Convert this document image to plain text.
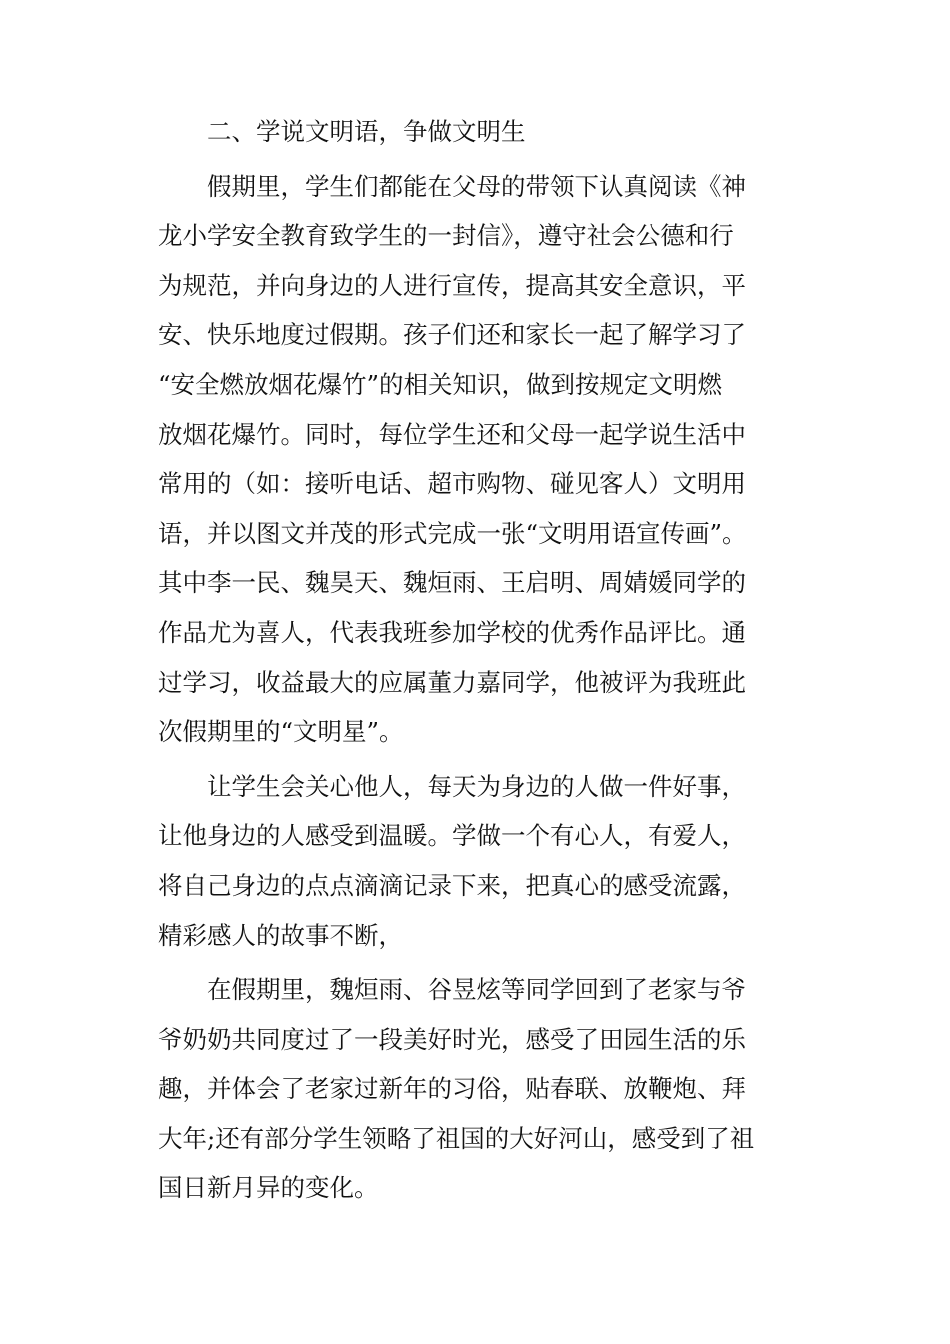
二、学说文明语，争做文明生
假期里，学生们都能在父母的带领下认真阅读《神
龙小学安全教育致学生的一封信》，遵守社会公德和行
为规范，并向身边的人进行宣传，提高其安全意识，平
安、快乐地度过假期。孩子们还和家长一起了解学习了
“安全燃放烟花爆竹”的相关知识，做到按规定文明燃
放烟花爆竹。同时，每位学生还和父母一起学说生活中
常用的（如：接听电话、超市购物、碰见客人）文明用
语，并以图文并茂的形式完成一张“文明用语宣传画”。
其中李一民、魏昊天、魏烜雨、王启明、周婧媛同学的
作品尤为喜人，代表我班参加学校的优秀作品评比。通
过学习，收益最大的应属董力嘉同学，他被评为我班此
次假期里的“文明星”。
让学生会关心他人，每天为身边的人做一件好事，
让他身边的人感受到温暖。学做一个有心人，有爱人，
将自己身边的点点滴滴记录下来，把真心的感受流露，
精彩感人的故事不断，
在假期里，魏烜雨、谷昱炫等同学回到了老家与爷
爷奶奶共同度过了一段美好时光，感受了田园生活的乐
趣，并体会了老家过新年的习俗，贴春联、放鞭炮、拜
大年;还有部分学生领略了祖国的大好河山，感受到了祖
国日新月异的变化。
